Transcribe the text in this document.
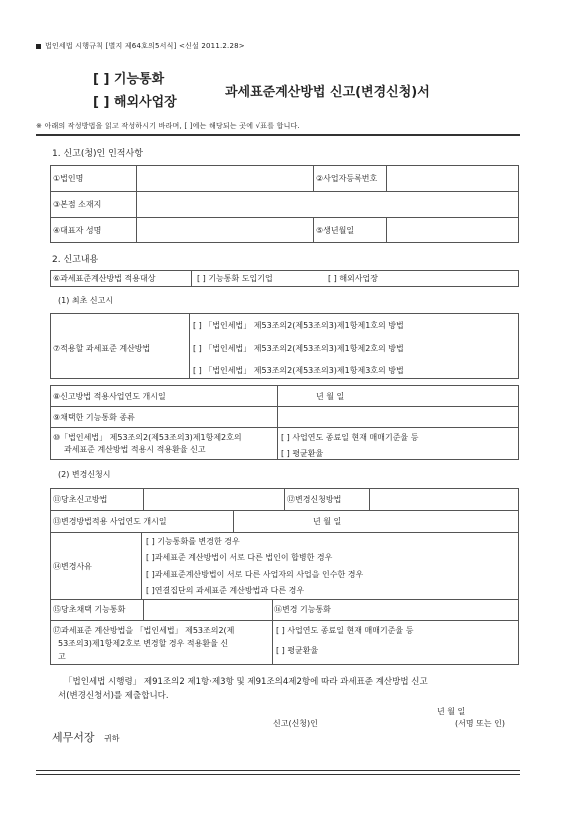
법인세법 시행규칙 [별지 제64호의5서식] <신설 2011.2.28>
[ ] 기능통화
[ ] 해외사업장
과세표준계산방법 신고(변경신청)서
※ 아래의 작성방법을 읽고 작성하시기 바라며, [ ]에는 해당되는 곳에 √표를 합니다.
1. 신고(청)인 인적사항
①법인명	②사업자등록번호
③본점 소재지
④대표자 성명	⑤생년월일
2. 신고내용
⑥과세표준계산방법 적용대상	[ ] 기능통화 도입기업	[ ] 해외사업장
(1) 최초 신고시
⑦적용할 과세표준 계산방법
[ ] 「법인세법」 제53조의2(제53조의3)제1항제1호의 방법
[ ] 「법인세법」 제53조의2(제53조의3)제1항제2호의 방법
[ ] 「법인세법」 제53조의2(제53조의3)제1항제3호의 방법
⑧신고방법 적용사업연도 개시일	년 월 일
⑨채택한 기능통화 종류
⑩「법인세법」 제53조의2(제53조의3)제1항제2호의
과세표준 계산방법 적용시 적용환율 신고
[ ] 사업연도 종료일 현재 매매기준율 등
[ ] 평균환율
(2) 변경신청시
⑪당초신고방법	⑫변경신청방법
⑬변경방법적용 사업연도 개시일	년 월 일
⑭변경사유
[ ] 기능통화를 변경한 경우
[ ]과세표준 계산방법이 서로 다른 법인이 합병한 경우
[ ]과세표준계산방법이 서로 다른 사업자의 사업을 인수한 경우
[ ]연결집단의 과세표준 계산방법과 다른 경우
⑮당초채택 기능통화	⑯변경 기능통화
⑰과세표준 계산방법을 「법인세법」 제53조의2(제
53조의3)제1항제2호로 변경할 경우 적용환율 신
고
[ ] 사업연도 종료일 현재 매매기준율 등
[ ] 평균환율
「법인세법 시행령」 제91조의2 제1항·제3항 및 제91조의4제2항에 따라 과세표준 계산방법 신고
서(변경신청서)를 제출합니다.
년 월 일
신고(신청)인	(서명 또는 인)
세무서장 귀하
